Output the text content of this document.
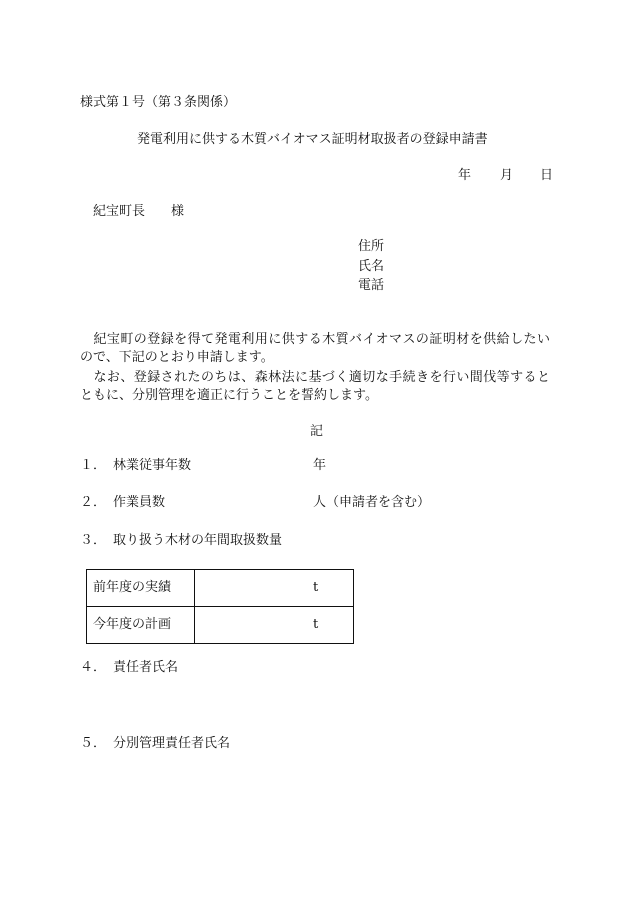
様式第１号（第３条関係）

発電利用に供する木質バイオマス証明材取扱者の登録申請書

年 月 日

紀宝町長　　様

住所

氏名

電話

　紀宝町の登録を得て発電利用に供する木質バイオマスの証明材を供給したい

ので、下記のとおり申請します。

　なお、登録されたのちは、森林法に基づく適切な手続きを行い間伐等すると

ともに、分別管理を適正に行うことを誓約します。

記

１． 林業従事年数	年
２． 作業員数	人（申請者を含む）
３． 取り扱う木材の年間取扱数量
前年度の実績	t

今年度の計画	t
４． 責任者氏名
５． 分別管理責任者氏名
